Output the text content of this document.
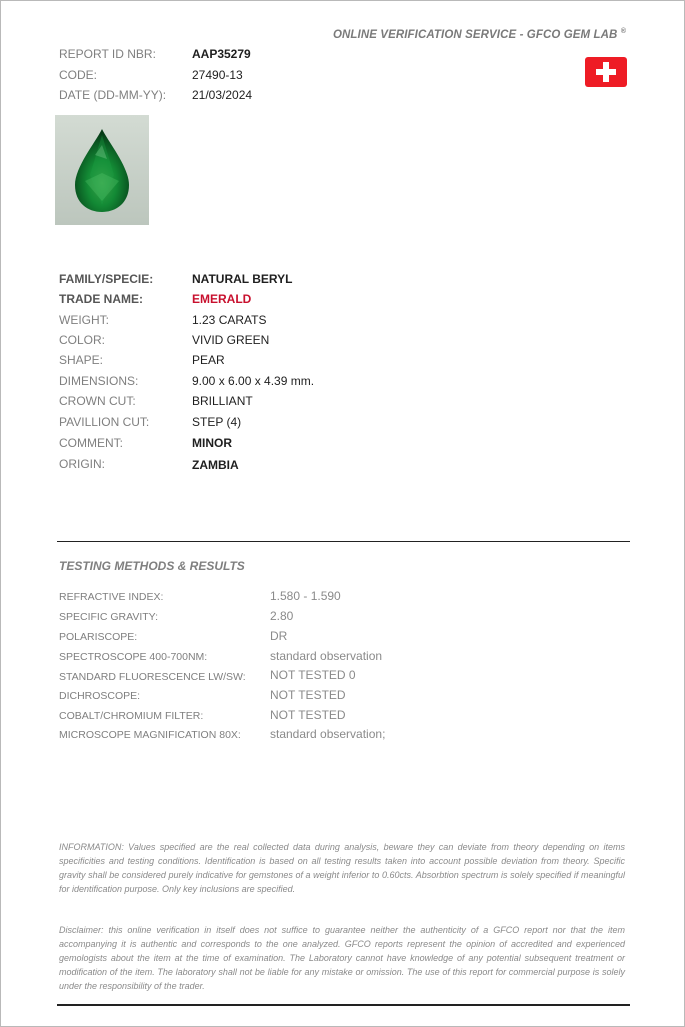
ONLINE VERIFICATION SERVICE - GFCO GEM LAB ®
REPORT ID NBR:	AAP35279
CODE:	27490-13
DATE (DD-MM-YY): 21/03/2024
FAMILY/SPECIE:	NATURAL BERYL
TRADE NAME:	EMERALD
WEIGHT:	1.23 CARATS
COLOR:	VIVID GREEN
SHAPE:	PEAR
DIMENSIONS:	9.00 x 6.00 x 4.39 mm.
CROWN CUT:	BRILLIANT
PAVILLION CUT:	STEP (4)
COMMENT:	MINOR
ORIGIN:	ZAMBIA
TESTING METHODS & RESULTS
REFRACTIVE INDEX:	1.580 - 1.590
SPECIFIC GRAVITY:	2.80
POLARISCOPE:	DR
SPECTROSCOPE 400-700NM:	standard observation
STANDARD FLUORESCENCE LW/SW: NOT TESTED 0
DICHROSCOPE:	NOT TESTED
COBALT/CHROMIUM FILTER:	NOT TESTED
MICROSCOPE MAGNIFICATION 80X: standard observation;
INFORMATION: Values specified are the real collected data during analysis, beware they can deviate from theory depending on items specificities and testing conditions. Identification is based on all testing results taken into account possible deviation from theory. Specific gravity shall be considered purely indicative for gemstones of a weight inferior to 0.60cts. Absorbtion spectrum is solely specified if meaningful for identification purpose. Only key inclusions are specified.
Disclaimer: this online verification in itself does not suffice to guarantee neither the authenticity of a GFCO report nor that the item accompanying it is authentic and corresponds to the one analyzed. GFCO reports represent the opinion of accredited and experienced gemologists about the item at the time of examination. The Laboratory cannot have knowledge of any potential subsequent treatment or modification of the item. The laboratory shall not be liable for any mistake or omission. The use of this report for commercial purpose is solely under the responsibility of the trader.
